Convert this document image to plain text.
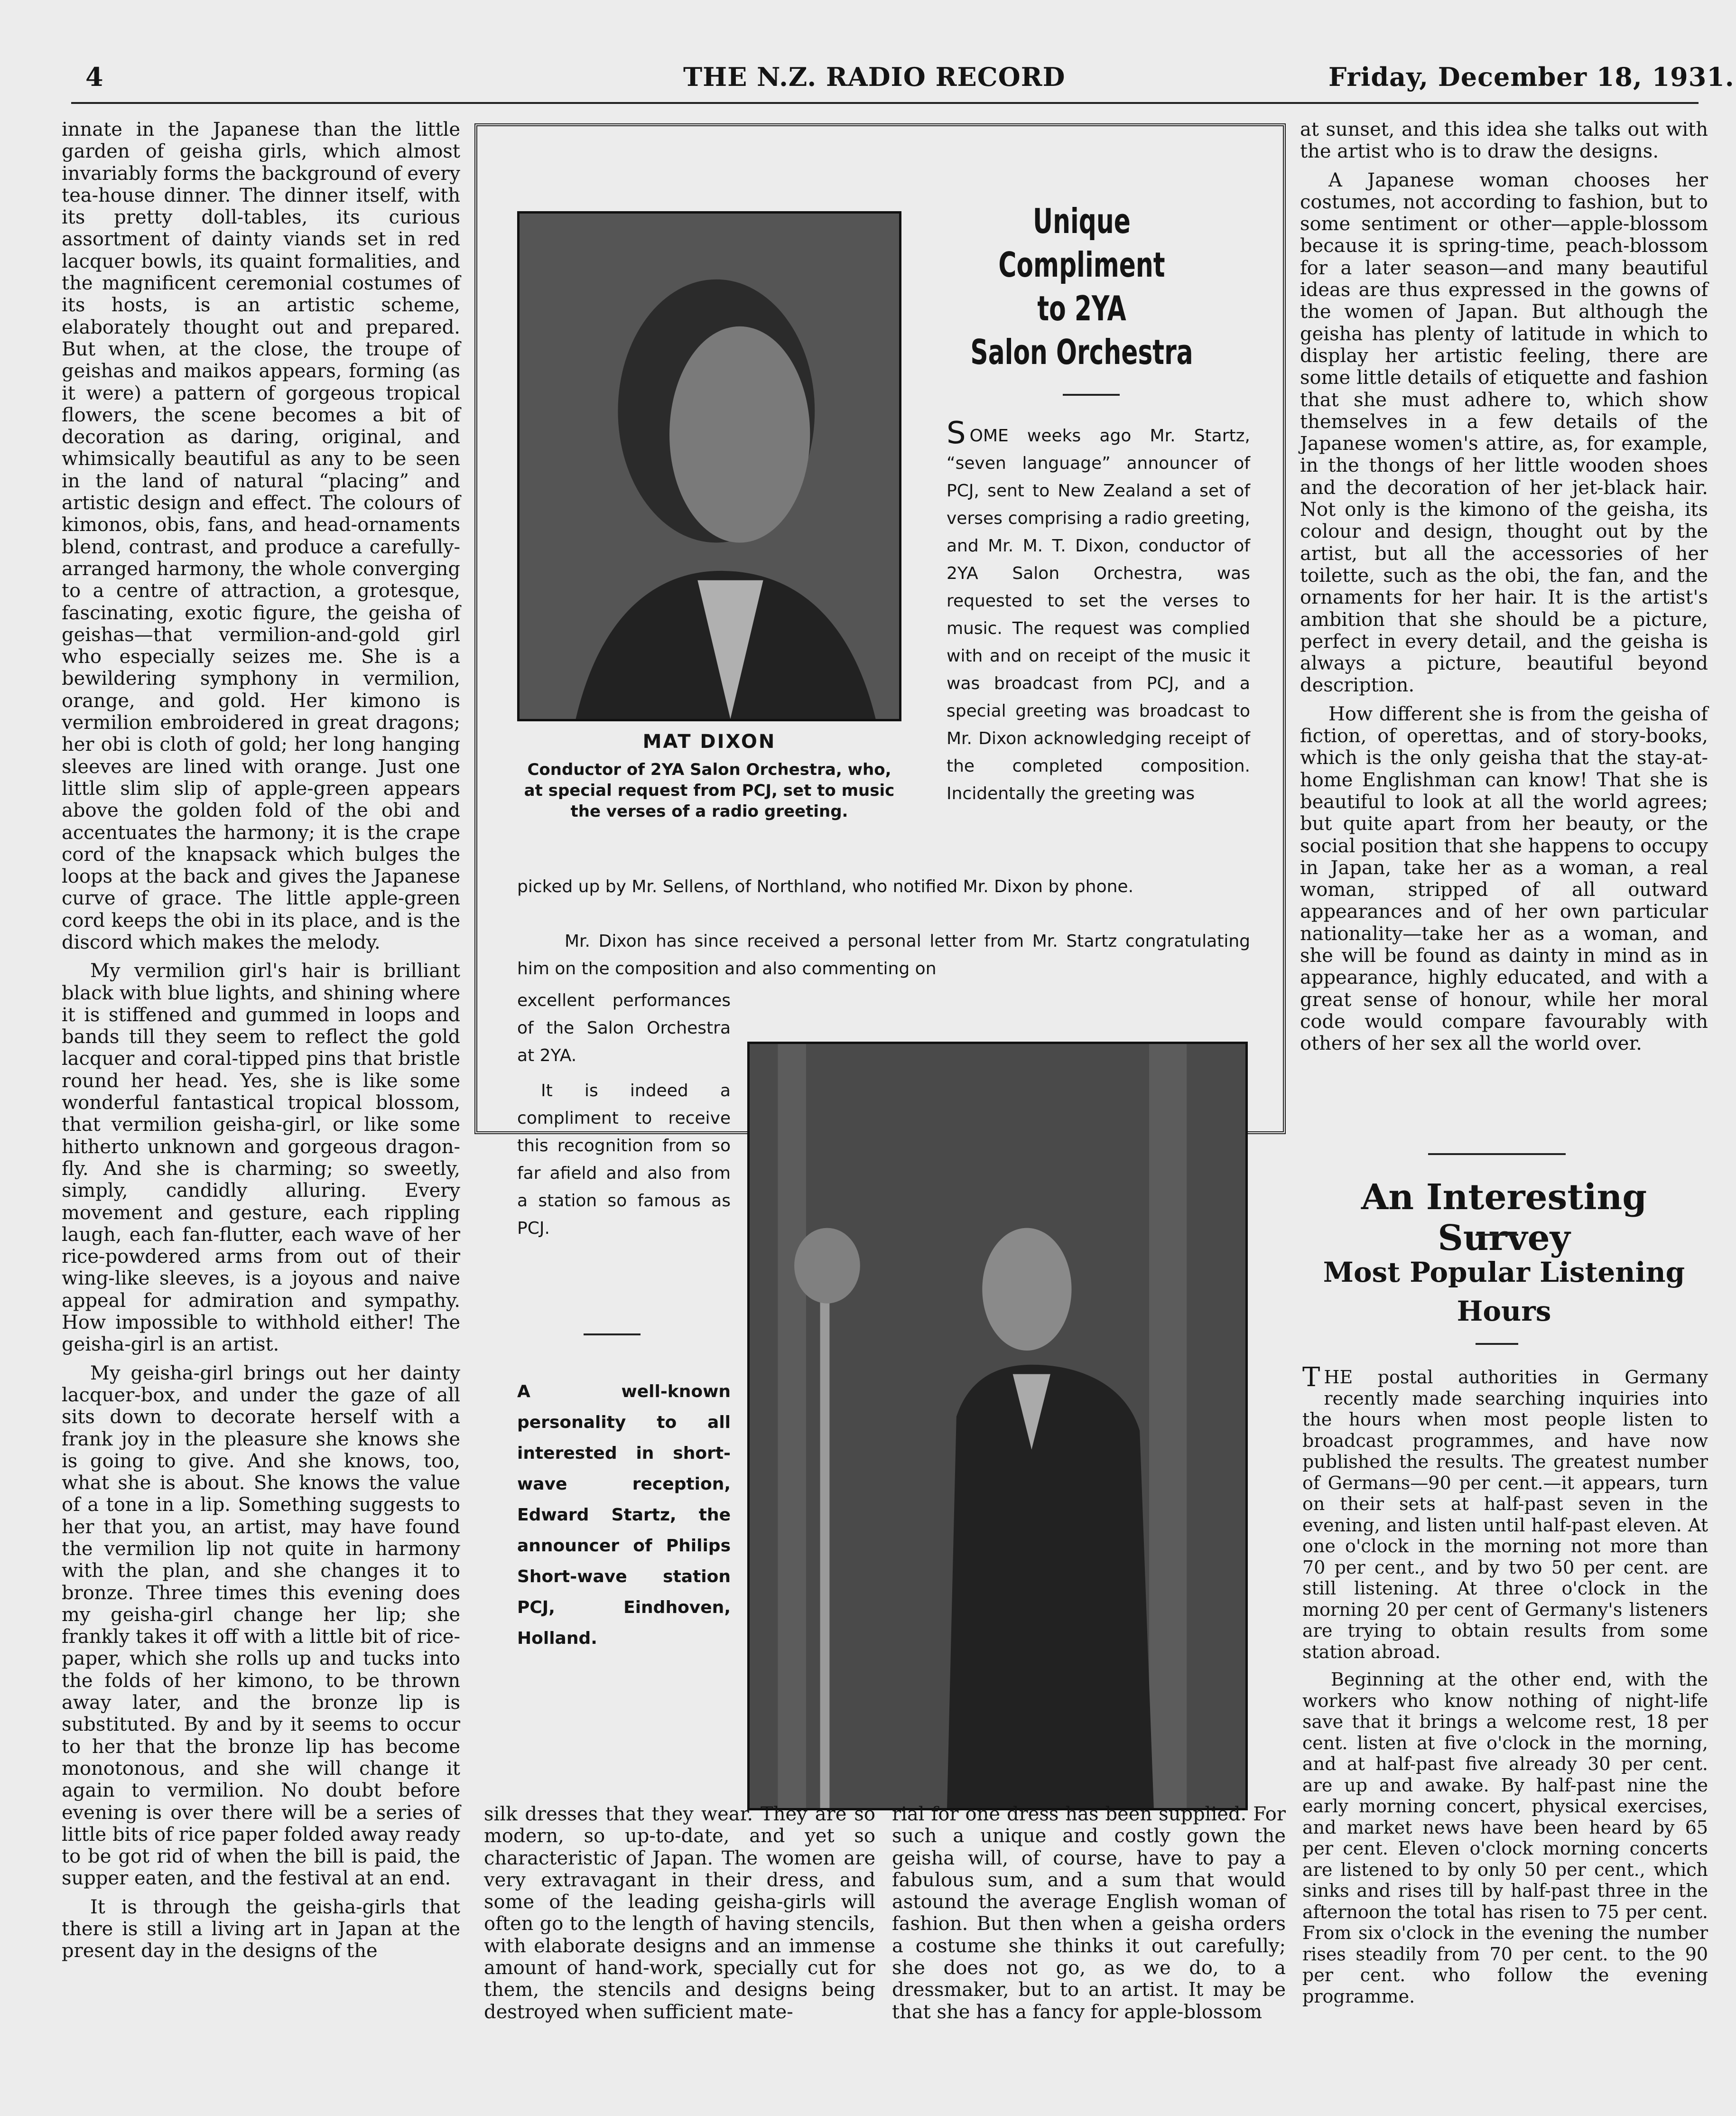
4	THE N.Z. RADIO RECORD	Friday, December 18, 1931.

innate in the Japanese than the little garden of geisha girls, which almost invariably forms the background of every tea-house dinner. The dinner itself, with its pretty doll-tables, its curious assortment of dainty viands set in red lacquer bowls, its quaint formalities, and the magnificent ceremonial costumes of its hosts, is an artistic scheme, elaborately thought out and prepared. But when, at the close, the troupe of geishas and maikos appears, forming (as it were) a pattern of gorgeous tropical flowers, the scene becomes a bit of decoration as daring, original, and whimsically beautiful as any to be seen in the land of natural “placing” and artistic design and effect. The colours of kimonos, obis, fans, and head-ornaments blend, contrast, and produce a carefully-arranged harmony, the whole converging to a centre of attraction, a grotesque, fascinating, exotic figure, the geisha of geishas—that vermilion-and-gold girl who especially seizes me. She is a bewildering symphony in vermilion, orange, and gold. Her kimono is vermilion embroidered in great dragons; her obi is cloth of gold; her long hanging sleeves are lined with orange. Just one little slim slip of apple-green appears above the golden fold of the obi and accentuates the harmony; it is the crape cord of the knapsack which bulges the loops at the back and gives the Japanese curve of grace. The little apple-green cord keeps the obi in its place, and is the discord which makes the melody.

My vermilion girl's hair is brilliant black with blue lights, and shining where it is stiffened and gummed in loops and bands till they seem to reflect the gold lacquer and coral-tipped pins that bristle round her head. Yes, she is like some wonderful fantastical tropical blossom, that vermilion geisha-girl, or like some hitherto unknown and gorgeous dragon-fly. And she is charming; so sweetly, simply, candidly alluring. Every movement and gesture, each rippling laugh, each fan-flutter, each wave of her rice-powdered arms from out of their wing-like sleeves, is a joyous and naive appeal for admiration and sympathy. How impossible to withhold either! The geisha-girl is an artist.

My geisha-girl brings out her dainty lacquer-box, and under the gaze of all sits down to decorate herself with a frank joy in the pleasure she knows she is going to give. And she knows, too, what she is about. She knows the value of a tone in a lip. Something suggests to her that you, an artist, may have found the vermilion lip not quite in harmony with the plan, and she changes it to bronze. Three times this evening does my geisha-girl change her lip; she frankly takes it off with a little bit of rice-paper, which she rolls up and tucks into the folds of her kimono, to be thrown away later, and the bronze lip is substituted. By and by it seems to occur to her that the bronze lip has become monotonous, and she will change it again to vermilion. No doubt before evening is over there will be a series of little bits of rice paper folded away ready to be got rid of when the bill is paid, the supper eaten, and the festival at an end.

It is through the geisha-girls that there is still a living art in Japan at the present day in the designs of the

MAT DIXON
Conductor of 2YA Salon Orchestra, who, at special request from PCJ, set to music the verses of a radio greeting.
Unique Compliment
to 2YA
Salon Orchestra
SOME weeks ago Mr. Startz, “seven language” announcer of PCJ, sent to New Zealand a set of verses comprising a radio greeting, and Mr. M. T. Dixon, conductor of 2YA Salon Orchestra, was requested to set the verses to music. The request was complied with and on receipt of the music it was broadcast from PCJ, and a special greeting was broadcast to Mr. Dixon acknowledging receipt of the completed composition. Incidentally the greeting was
picked up by Mr. Sellens, of Northland, who notified Mr. Dixon by phone.
Mr. Dixon has since received a personal letter from Mr. Startz congratulating him on the composition and also commenting on
excellent performances of the Salon Orchestra at 2YA.
It is indeed a compliment to receive this recognition from so far afield and also from a station so famous as PCJ.
A well-known personality to all interested in short-wave reception, Edward Startz, the announcer of Philips Short-wave station PCJ, Eindhoven, Holland.
silk dresses that they wear. They are so modern, so up-to-date, and yet so characteristic of Japan. The women are very extravagant in their dress, and some of the leading geisha-girls will often go to the length of having stencils, with elaborate designs and an immense amount of hand-work, specially cut for them, the stencils and designs being destroyed when sufficient mate-
rial for one dress has been supplied. For such a unique and costly gown the geisha will, of course, have to pay a fabulous sum, and a sum that would astound the average English woman of fashion. But then when a geisha orders a costume she thinks it out carefully; she does not go, as we do, to a dressmaker, but to an artist. It may be that she has a fancy for apple-blossom

at sunset, and this idea she talks out with the artist who is to draw the designs.

A Japanese woman chooses her costumes, not according to fashion, but to some sentiment or other—apple-blossom because it is spring-time, peach-blossom for a later season—and many beautiful ideas are thus expressed in the gowns of the women of Japan. But although the geisha has plenty of latitude in which to display her artistic feeling, there are some little details of etiquette and fashion that she must adhere to, which show themselves in a few details of the Japanese women's attire, as, for example, in the thongs of her little wooden shoes and the decoration of her jet-black hair. Not only is the kimono of the geisha, its colour and design, thought out by the artist, but all the accessories of her toilette, such as the obi, the fan, and the ornaments for her hair. It is the artist's ambition that she should be a picture, perfect in every detail, and the geisha is always a picture, beautiful beyond description.

How different she is from the geisha of fiction, of operettas, and of story-books, which is the only geisha that the stay-at-home Englishman can know! That she is beautiful to look at all the world agrees; but quite apart from her beauty, or the social position that she happens to occupy in Japan, take her as a woman, a real woman, stripped of all outward appearances and of her own particular nationality—take her as a woman, and she will be found as dainty in mind as in appearance, highly educated, and with a great sense of honour, while her moral code would compare favourably with others of her sex all the world over.

An Interesting Survey
Most Popular Listening Hours

T HE postal authorities in Germany recently made searching inquiries into the hours when most people listen to broadcast programmes, and have now published the results. The greatest number of Germans—90 per cent.—it appears, turn on their sets at half-past seven in the evening, and listen until half-past eleven. At one o'clock in the morning not more than 70 per cent., and by two 50 per cent. are still listening. At three o'clock in the morning 20 per cent of Germany's listeners are trying to obtain results from some station abroad.

Beginning at the other end, with the workers who know nothing of night-life save that it brings a welcome rest, 18 per cent. listen at five o'clock in the morning, and at half-past five already 30 per cent. are up and awake. By half-past nine the early morning concert, physical exercises, and market news have been heard by 65 per cent. Eleven o'clock morning concerts are listened to by only 50 per cent., which sinks and rises till by half-past three in the afternoon the total has risen to 75 per cent. From six o'clock in the evening the number rises steadily from 70 per cent. to the 90 per cent. who follow the evening programme.
